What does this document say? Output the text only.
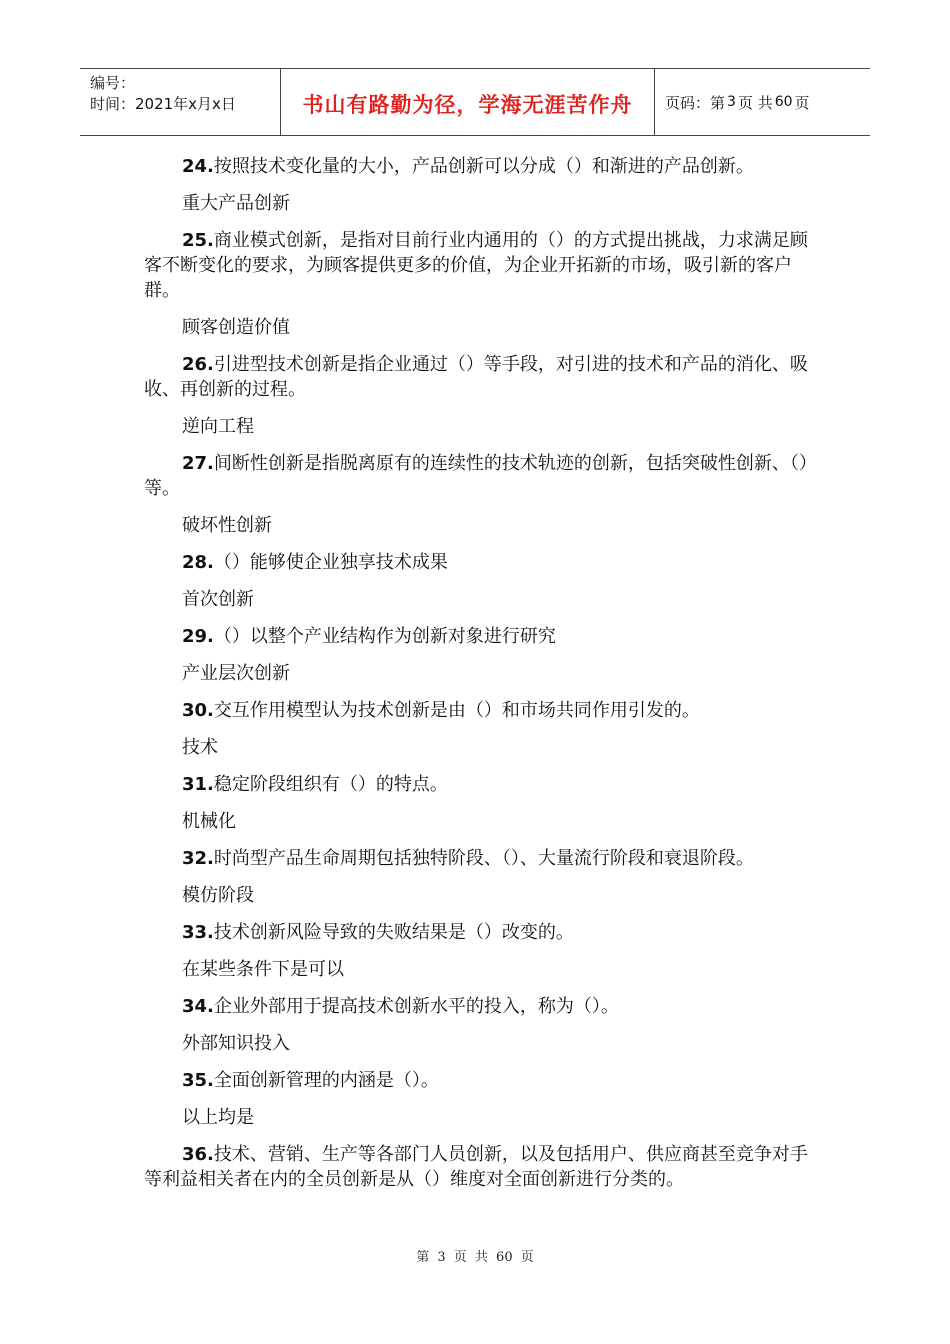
编号：
时间：2021年x月x日	书山有路勤为径，学海无涯苦作舟 页码：第 3 页 共 60 页

24.按照技术变化量的大小，产品创新可以分成（）和渐进的产品创新。

重大产品创新

25.商业模式创新，是指对目前行业内通用的（）的方式提出挑战，力求满足顾客不断变化的要求，为顾客提供更多的价值，为企业开拓新的市场，吸引新的客户群。

顾客创造价值

26.引进型技术创新是指企业通过（）等手段，对引进的技术和产品的消化、吸收、再创新的过程。

逆向工程

27.间断性创新是指脱离原有的连续性的技术轨迹的创新，包括突破性创新、（）等。

破坏性创新

28.（）能够使企业独享技术成果

首次创新

29.（）以整个产业结构作为创新对象进行研究

产业层次创新

30.交互作用模型认为技术创新是由（）和市场共同作用引发的。

技术

31.稳定阶段组织有（）的特点。

机械化

32.时尚型产品生命周期包括独特阶段、（）、大量流行阶段和衰退阶段。

模仿阶段

33.技术创新风险导致的失败结果是（）改变的。

在某些条件下是可以

34.企业外部用于提高技术创新水平的投入，称为（）。

外部知识投入

35.全面创新管理的内涵是（）。

以上均是

36.技术、营销、生产等各部门人员创新，以及包括用户、供应商甚至竞争对手等利益相关者在内的全员创新是从（）维度对全面创新进行分类的。

第 3 页 共 60 页
